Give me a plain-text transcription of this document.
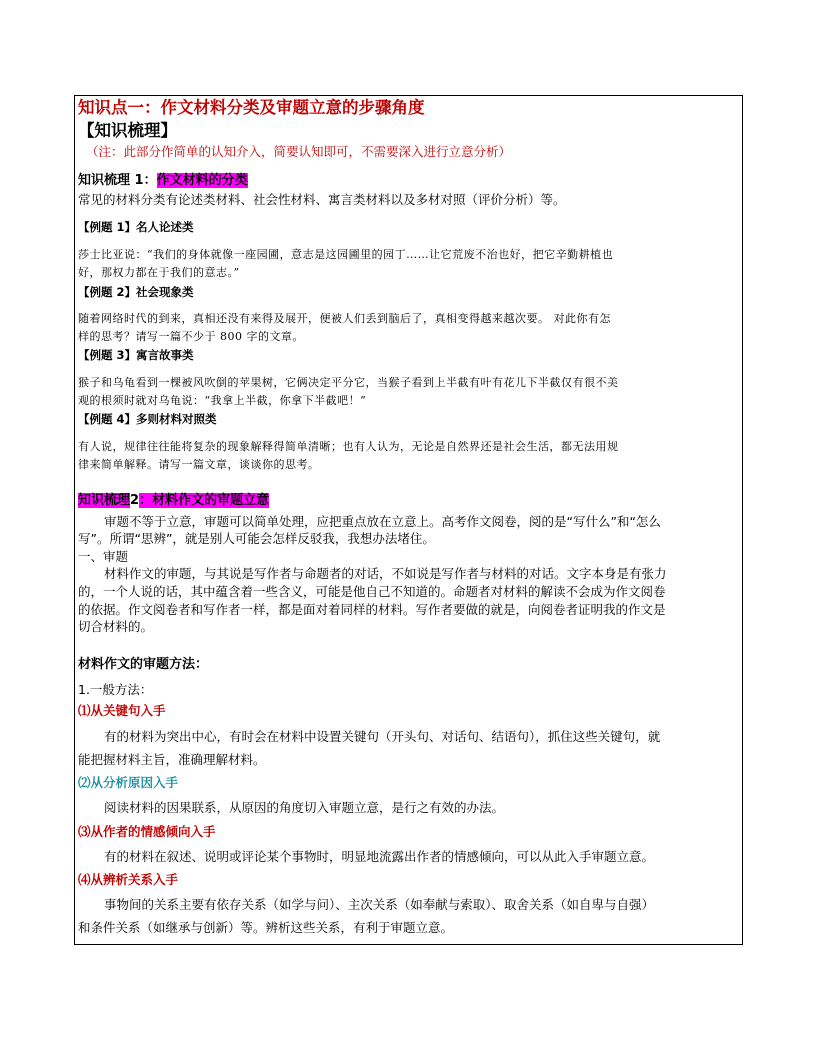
知识点一：作文材料分类及审题立意的步骤角度
【知识梳理】
（注：此部分作简单的认知介入，简要认知即可，不需要深入进行立意分析）
知识梳理 1：作文材料的分类
常见的材料分类有论述类材料、社会性材料、寓言类材料以及多材对照（评价分析）等。
【例题 1】名人论述类
莎士比亚说：“我们的身体就像一座园圃，意志是这园圃里的园丁……让它荒废不治也好，把它辛勤耕植也
好，那权力都在于我们的意志。”
【例题 2】社会现象类
随着网络时代的到来，真相还没有来得及展开，便被人们丢到脑后了，真相变得越来越次要。 对此你有怎
样的思考？请写一篇不少于 800 字的文章。
【例题 3】寓言故事类
猴子和乌龟看到一棵被风吹倒的苹果树，它俩决定平分它，当猴子看到上半截有叶有花儿下半截仅有很不美
观的根须时就对乌龟说：“我拿上半截，你拿下半截吧！”
【例题 4】多则材料对照类
有人说，规律往往能将复杂的现象解释得简单清晰；也有人认为，无论是自然界还是社会生活，都无法用规
律来简单解释。请写一篇文章，谈谈你的思考。
知识梳理2：材料作文的审题立意
审题不等于立意，审题可以简单处理，应把重点放在立意上。高考作文阅卷，阅的是“写什么”和“怎么
写”。所谓“思辨”，就是别人可能会怎样反驳我，我想办法堵住。
一、审题
材料作文的审题，与其说是写作者与命题者的对话，不如说是写作者与材料的对话。文字本身是有张力
的，一个人说的话，其中蕴含着一些含义，可能是他自己不知道的。命题者对材料的解读不会成为作文阅卷
的依据。作文阅卷者和写作者一样，都是面对着同样的材料。写作者要做的就是，向阅卷者证明我的作文是
切合材料的。
材料作文的审题方法：
1.一般方法：
⑴从关键句入手
有的材料为突出中心，有时会在材料中设置关键句（开头句、对话句、结语句），抓住这些关键句，就
能把握材料主旨，准确理解材料。
⑵从分析原因入手
阅读材料的因果联系，从原因的角度切入审题立意，是行之有效的办法。
⑶从作者的情感倾向入手
有的材料在叙述、说明或评论某个事物时，明显地流露出作者的情感倾向，可以从此入手审题立意。
⑷从辨析关系入手
事物间的关系主要有依存关系（如学与问）、主次关系（如奉献与索取）、取舍关系（如自卑与自强）
和条件关系（如继承与创新）等。辨析这些关系，有利于审题立意。
